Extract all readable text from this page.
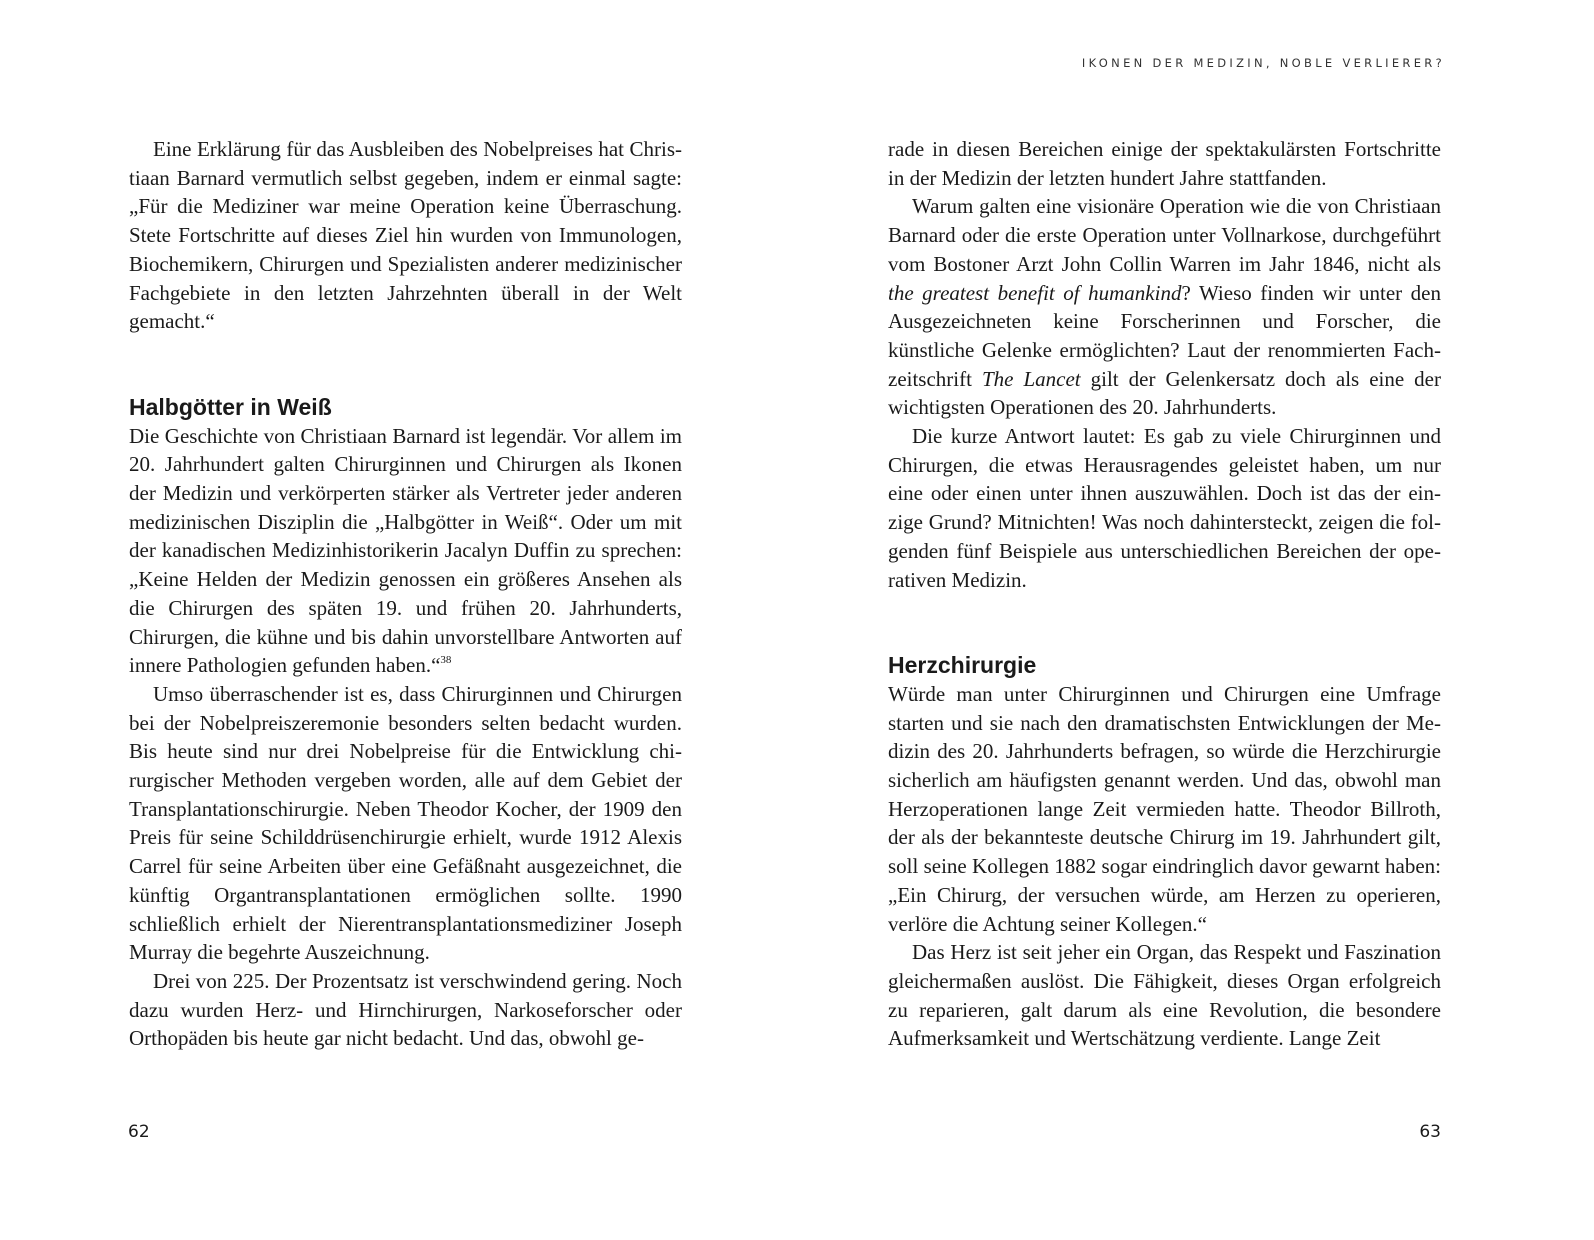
Eine Erklärung für das Ausbleiben des Nobelpreises hat Christiaan Barnard vermutlich selbst gegeben, indem er einmal sagte: „Für die Mediziner war meine Operation keine Überraschung. Stete Fortschritte auf dieses Ziel hin wurden von Immunologen, Biochemikern, Chirurgen und Spezialisten anderer medizinischer Fachgebiete in den letzten Jahrzehnten überall in der Welt gemacht.“

Halbgötter in Weiß

Die Geschichte von Christiaan Barnard ist legendär. Vor allem im 20. Jahrhundert galten Chirurginnen und Chirurgen als Ikonen der Medizin und verkörperten stärker als Vertreter jeder anderen medizinischen Disziplin die „Halbgötter in Weiß“. Oder um mit der kanadischen Medizinhistorikerin Jacalyn Duffin zu sprechen: „Keine Helden der Medizin genossen ein größeres Ansehen als die Chirurgen des späten 19. und frühen 20. Jahrhunderts, Chirurgen, die kühne und bis dahin unvorstellbare Antworten auf innere Pathologien gefunden haben.“$^{38}$

Umso überraschender ist es, dass Chirurginnen und Chirurgen bei der Nobelpreiszeremonie besonders selten bedacht wurden. Bis heute sind nur drei Nobelpreise für die Entwicklung chirurgischer Methoden vergeben worden, alle auf dem Gebiet der Transplantationschirurgie. Neben Theodor Kocher, der 1909 den Preis für seine Schilddrüsenchirurgie erhielt, wurde 1912 Alexis Carrel für seine Arbeiten über eine Gefäßnaht ausgezeichnet, die künftig Organtransplantationen ermöglichen sollte. 1990 schließlich erhielt der Nierentransplantationsmediziner Joseph Murray die begehrte Auszeichnung.

Drei von 225. Der Prozentsatz ist verschwindend gering. Noch dazu wurden Herz- und Hirnchirurgen, Narkoseforscher oder Orthopäden bis heute gar nicht bedacht. Und das, obwohl ge-

62
IKONEN DER MEDIZIN, NOBLE VERLIERER?

rade in diesen Bereichen einige der spektakulärsten Fortschritte in der Medizin der letzten hundert Jahre stattfanden.

Warum galten eine visionäre Operation wie die von Christiaan Barnard oder die erste Operation unter Vollnarkose, durchgeführt vom Bostoner Arzt John Collin Warren im Jahr 1846, nicht als the greatest benefit of humankind? Wieso finden wir unter den Ausgezeichneten keine Forscherinnen und Forscher, die künstliche Gelenke ermöglichten? Laut der renommierten Fachzeitschrift The Lancet gilt der Gelenkersatz doch als eine der wichtigsten Operationen des 20. Jahrhunderts.

Die kurze Antwort lautet: Es gab zu viele Chirurginnen und Chirurgen, die etwas Herausragendes geleistet haben, um nur eine oder einen unter ihnen auszuwählen. Doch ist das der einzige Grund? Mitnichten! Was noch dahintersteckt, zeigen die folgenden fünf Beispiele aus unterschiedlichen Bereichen der operativen Medizin.

Herzchirurgie

Würde man unter Chirurginnen und Chirurgen eine Umfrage starten und sie nach den dramatischsten Entwicklungen der Medizin des 20. Jahrhunderts befragen, so würde die Herzchirurgie sicherlich am häufigsten genannt werden. Und das, obwohl man Herzoperationen lange Zeit vermieden hatte. Theodor Billroth, der als der bekannteste deutsche Chirurg im 19. Jahrhundert gilt, soll seine Kollegen 1882 sogar eindringlich davor gewarnt haben: „Ein Chirurg, der versuchen würde, am Herzen zu operieren, verlöre die Achtung seiner Kollegen.“

Das Herz ist seit jeher ein Organ, das Respekt und Faszination gleichermaßen auslöst. Die Fähigkeit, dieses Organ erfolgreich zu reparieren, galt darum als eine Revolution, die besondere Aufmerksamkeit und Wertschätzung verdiente. Lange Zeit

63
